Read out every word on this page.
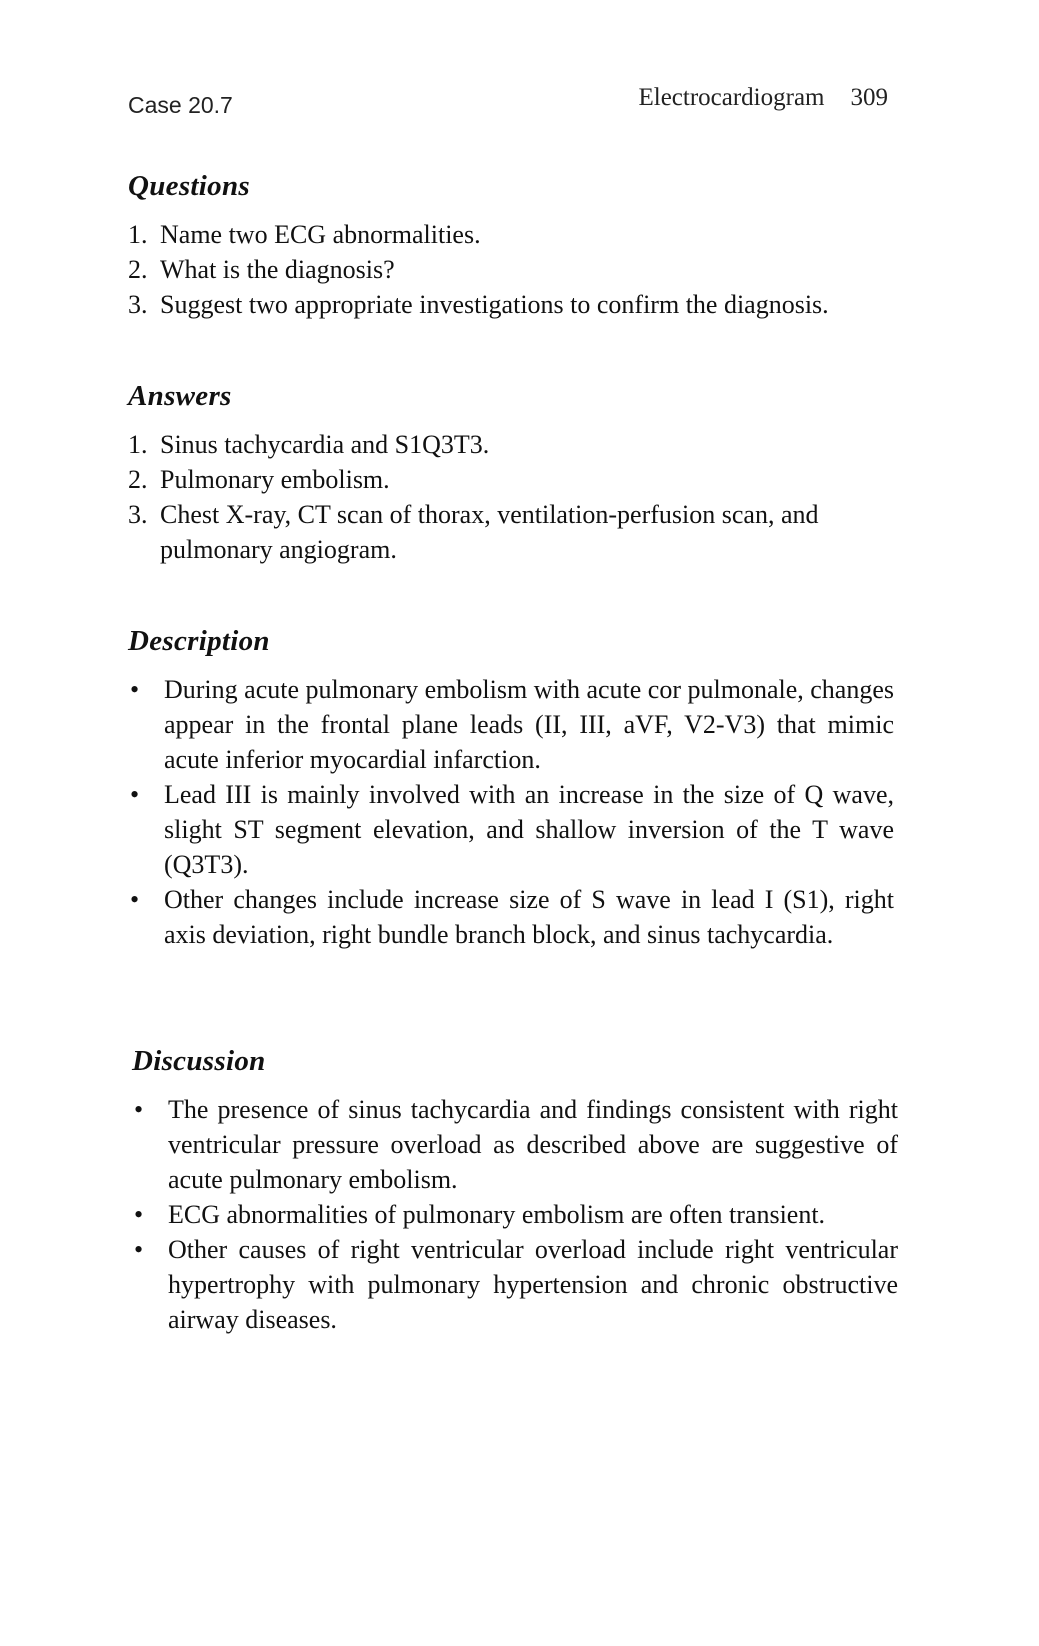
Case 20.7	Electrocardiogram 309
Questions
1. Name two ECG abnormalities.
2. What is the diagnosis?
3. Suggest two appropriate investigations to confirm the diagnosis.
Answers
1. Sinus tachycardia and S1Q3T3.
2. Pulmonary embolism.
3. Chest X-ray, CT scan of thorax, ventilation-perfusion scan, and pulmonary angiogram.
Description
• During acute pulmonary embolism with acute cor pulmonale, changes appear in the frontal plane leads (II, III, aVF, V2-V3) that mimic acute inferior myocardial infarction.
• Lead III is mainly involved with an increase in the size of Q wave, slight ST segment elevation, and shallow inversion of the T wave (Q3T3).
• Other changes include increase size of S wave in lead I (S1), right axis deviation, right bundle branch block, and sinus tachycardia.
Discussion
• The presence of sinus tachycardia and findings consistent with right ventricular pressure overload as described above are suggestive of acute pulmonary embolism.
• ECG abnormalities of pulmonary embolism are often transient.
• Other causes of right ventricular overload include right ventricular hypertrophy with pulmonary hypertension and chronic obstructive airway diseases.
